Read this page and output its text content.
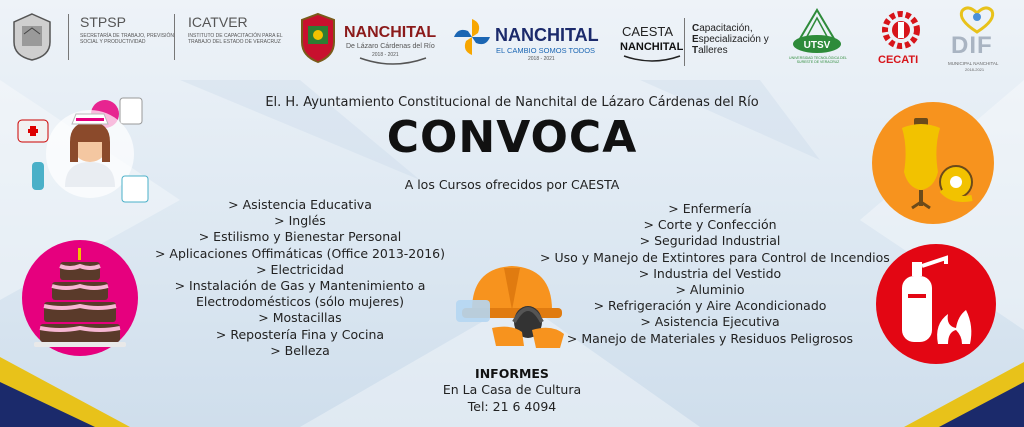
STPSP
SECRETARÍA DE TRABAJO, PREVISIÓN SOCIAL Y PRODUCTIVIDAD
ICATVER
INSTITUTO DE CAPACITACIÓN PARA EL TRABAJO DEL ESTADO DE VERACRUZ
NANCHITAL
De Lázaro Cárdenas del Río
2018 - 2021
NANCHITAL
EL CAMBIO SOMOS TODOS
2018 - 2021
CAESTA
NANCHITAL
Capacitación,
Especialización y
Talleres	UTSV
UNIVERSIDAD TECNOLÓGICA DEL SURESTE DE VERACRUZ	CECATI
DIF
MUNICIPAL NANCHITAL
2018-2021
El. H. Ayuntamiento Constitucional de Nanchital de Lázaro Cárdenas del Río
CONVOCA
A los Cursos ofrecidos por CAESTA
> Asistencia Educativa
> Inglés
> Estilismo y Bienestar Personal
> Aplicaciones Offimáticas (Office 2013-2016)
> Electricidad
> Instalación de Gas y Mantenimiento a
Electrodomésticos (sólo mujeres)
> Mostacillas
> Repostería Fina y Cocina
> Belleza
> Enfermería
> Corte y Confección
> Seguridad Industrial
> Uso y Manejo de Extintores para Control de Incendios
> Industria del Vestido
> Aluminio
> Refrigeración y Aire Acondicionado
> Asistencia Ejecutiva
> Manejo de Materiales y Residuos Peligrosos
INFORMES
En La Casa de Cultura
Tel: 21 6 4094
